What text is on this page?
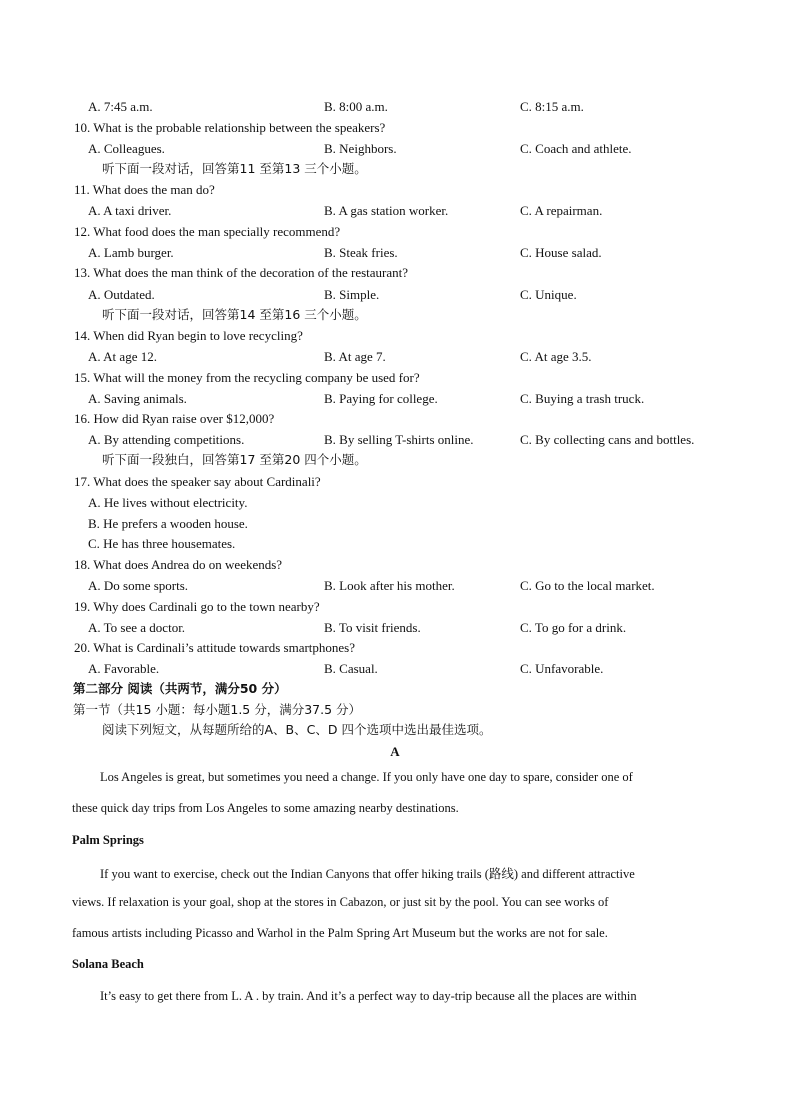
A. 7:45 a.m.	B. 8:00 a.m.	C. 8:15 a.m.
10. What is the probable relationship between the speakers?
A. Colleagues.	B. Neighbors.	C. Coach and athlete.
听下面一段对话，回答第11 至第13 三个小题。
11. What does the man do?
A. A taxi driver.	B. A gas station worker.	C. A repairman.
12. What food does the man specially recommend?
A. Lamb burger.	B. Steak fries.	C. House salad.
13. What does the man think of the decoration of the restaurant?
A. Outdated.	B. Simple.	C. Unique.
听下面一段对话，回答第14 至第16 三个小题。
14. When did Ryan begin to love recycling?
A. At age 12.	B. At age 7.	C. At age 3.5.
15. What will the money from the recycling company be used for?
A. Saving animals.	B. Paying for college.	C. Buying a trash truck.
16. How did Ryan raise over $12,000?
A. By attending competitions.	B. By selling T-shirts online.	C. By collecting cans and bottles.
听下面一段独白，回答第17 至第20 四个小题。
17. What does the speaker say about Cardinali?
A. He lives without electricity.
B. He prefers a wooden house.
C. He has three housemates.
18. What does Andrea do on weekends?
A. Do some sports.	B. Look after his mother.	C. Go to the local market.
19. Why does Cardinali go to the town nearby?
A. To see a doctor.	B. To visit friends.	C. To go for a drink.
20. What is Cardinali’s attitude towards smartphones?
A. Favorable.	B. Casual.	C. Unfavorable.
第二部分 阅读（共两节，满分50 分）
第一节（共15 小题：每小题1.5 分，满分37.5 分）
阅读下列短文，从每题所给的A、B、C、D 四个选项中选出最佳选项。
A
Los Angeles is great, but sometimes you need a change. If you only have one day to spare, consider one of
these quick day trips from Los Angeles to some amazing nearby destinations.
Palm Springs
If you want to exercise, check out the Indian Canyons that offer hiking trails (路线) and different attractive
views. If relaxation is your goal, shop at the stores in Cabazon, or just sit by the pool. You can see works of
famous artists including Picasso and Warhol in the Palm Spring Art Museum but the works are not for sale.
Solana Beach
It’s easy to get there from L. A . by train. And it’s a perfect way to day-trip because all the places are within
